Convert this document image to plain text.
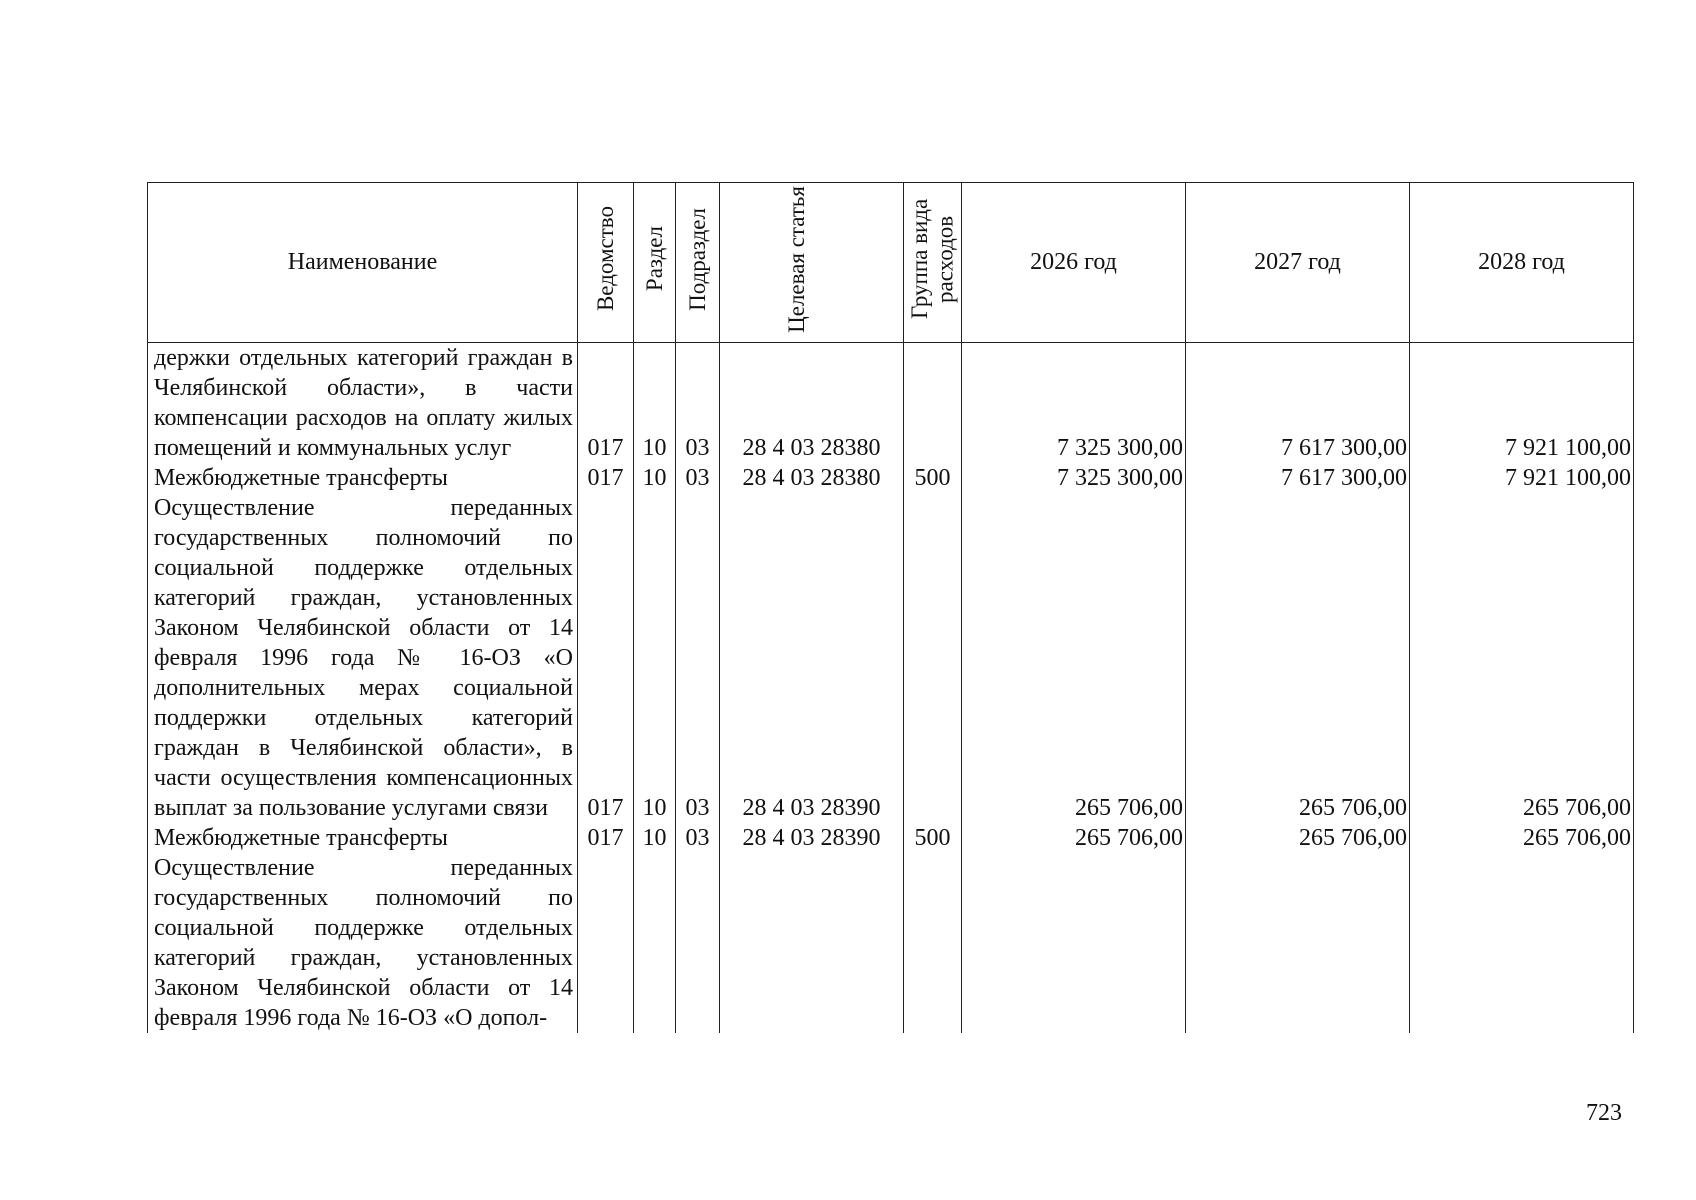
Наименование	Ведомство	Раздел	Подраздел	Целевая статья	Группа вида расходов	2026 год	2027 год	2028 год
держки отдельных категорий граждан в Челябинской области», в части компенсации расходов на оплату жилых помещений и коммунальных услуг	017	10	03	28 4 03 28380		7 325 300,00	7 617 300,00	7 921 100,00
Межбюджетные трансферты	017	10	03	28 4 03 28380	500	7 325 300,00	7 617 300,00	7 921 100,00
Осуществление переданных государственных полномочий по социальной поддержке отдельных категорий граждан, установленных Законом Челябинской области от 14 февраля 1996 года № 16-ОЗ «О дополнительных мерах социальной поддержки отдельных категорий граждан в Челябинской области», в части осуществления компенсационных выплат за пользование услугами связи	017	10	03	28 4 03 28390		265 706,00	265 706,00	265 706,00
Межбюджетные трансферты	017	10	03	28 4 03 28390	500	265 706,00	265 706,00	265 706,00
Осуществление переданных государственных полномочий по социальной поддержке отдельных категорий граждан, установленных Законом Челябинской области от 14 февраля 1996 года № 16-ОЗ «О допол-								
723
